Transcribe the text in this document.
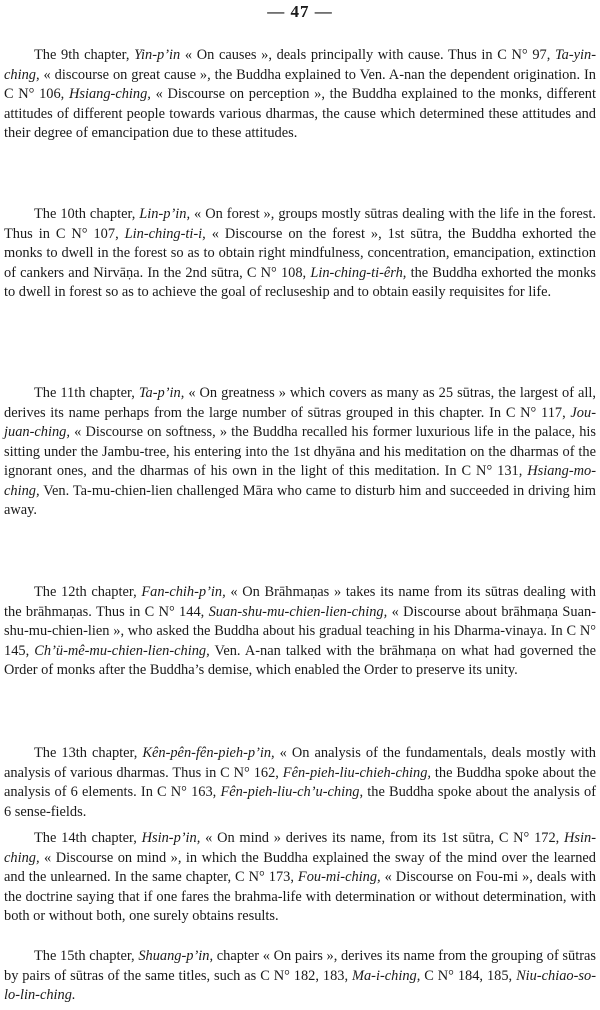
— 47 —

The 9th chapter, Yin-p’in « On causes », deals principally with cause. Thus in C N° 97, Ta-yin-ching, « discourse on great cause », the Buddha explained to Ven. A-nan the dependent origination. In C N° 106, Hsiang-ching, « Discourse on perception », the Buddha explained to the monks, different attitudes of different people towards various dharmas, the cause which determined these attitudes and their degree of emancipation due to these attitudes.

The 10th chapter, Lin-p’in, « On forest », groups mostly sūtras dealing with the life in the forest. Thus in C N° 107, Lin-ching-ti-i, « Discourse on the forest », 1st sūtra, the Buddha exhorted the monks to dwell in the forest so as to obtain right mindfulness, concentration, emancipation, extinction of cankers and Nirvāṇa. In the 2nd sūtra, C N° 108, Lin-ching-ti-êrh, the Buddha exhorted the monks to dwell in forest so as to achieve the goal of recluseship and to obtain easily requisites for life.

The 11th chapter, Ta-p’in, « On greatness » which covers as many as 25 sūtras, the largest of all, derives its name perhaps from the large number of sūtras grouped in this chapter. In C N° 117, Jou-juan-ching, « Discourse on softness, » the Buddha recalled his former luxurious life in the palace, his sitting under the Jambu-tree, his entering into the 1st dhyāna and his meditation on the dharmas of the ignorant ones, and the dharmas of his own in the light of this meditation. In C N° 131, Hsiang-mo-ching, Ven. Ta-mu-chien-lien challenged Māra who came to disturb him and succeeded in driving him away.

The 12th chapter, Fan-chih-p’in, « On Brāhmaṇas » takes its name from its sūtras dealing with the brāhmaṇas. Thus in C N° 144, Suan-shu-mu-chien-lien-ching, « Discourse about brāhmaṇa Suan-shu-mu-chien-lien », who asked the Buddha about his gradual teaching in his Dharma-vinaya. In C N° 145, Ch’ü-mê-mu-chien-lien-ching, Ven. A-nan talked with the brāhmaṇa on what had governed the Order of monks after the Buddha’s demise, which enabled the Order to preserve its unity.

The 13th chapter, Kên-pên-fên-pieh-p’in, « On analysis of the fundamentals, deals mostly with analysis of various dharmas. Thus in C N° 162, Fên-pieh-liu-chieh-ching, the Buddha spoke about the analysis of 6 elements. In C N° 163, Fên-pieh-liu-ch’u-ching, the Buddha spoke about the analysis of 6 sense-fields.

The 14th chapter, Hsin-p’in, « On mind » derives its name, from its 1st sūtra, C N° 172, Hsin-ching, « Discourse on mind », in which the Buddha explained the sway of the mind over the learned and the unlearned. In the same chapter, C N° 173, Fou-mi-ching, « Discourse on Fou-mi », deals with the doctrine saying that if one fares the brahma-life with determination or without determination, with both or without both, one surely obtains results.

The 15th chapter, Shuang-p’in, chapter « On pairs », derives its name from the grouping of sūtras by pairs of sūtras of the same titles, such as C N° 182, 183, Ma-i-ching, C N° 184, 185, Niu-chiao-so-lo-lin-ching.
